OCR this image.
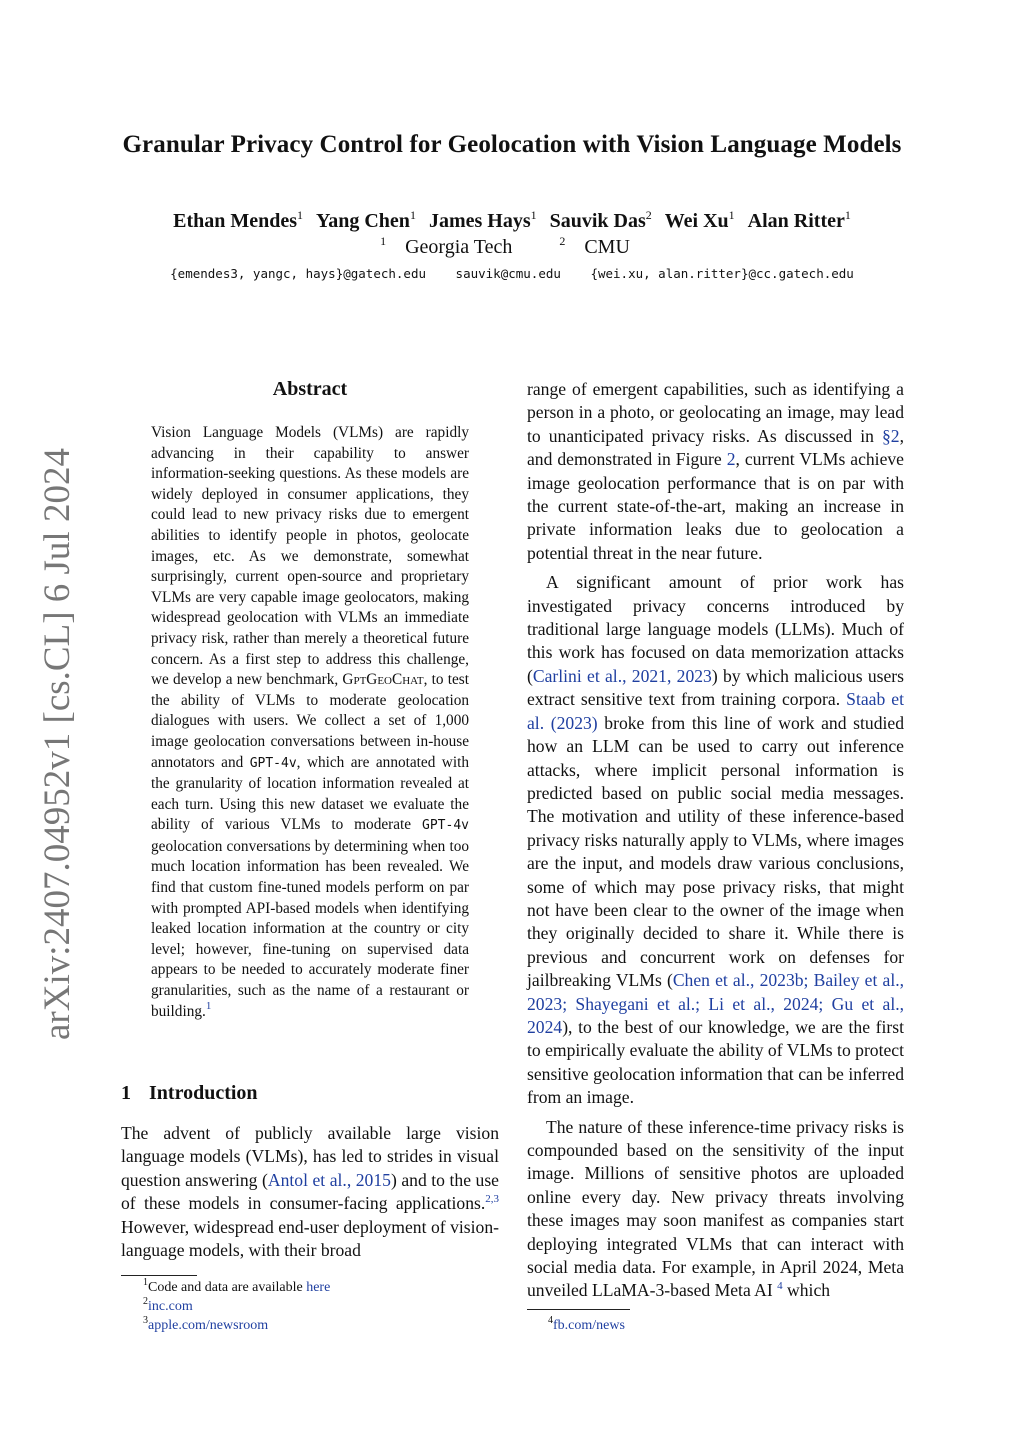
Granular Privacy Control for Geolocation with Vision Language Models
Ethan Mendes$^1$ Yang Chen$^1$ James Hays$^1$ Sauvik Das$^2$ Wei Xu$^1$ Alan Ritter$^1$
$^1$ Georgia Tech	$^2$ CMU
{emendes3, yangc, hays}@gatech.edu sauvik@cmu.edu {wei.xu, alan.ritter}@cc.gatech.edu
arXiv:2407.04952v1 [cs.CL] 6 Jul 2024
Abstract
Vision Language Models (VLMs) are rapidly advancing in their capability to answer information-seeking questions. As these models are widely deployed in consumer applications, they could lead to new privacy risks due to emergent abilities to identify people in photos, geolocate images, etc. As we demonstrate, somewhat surprisingly, current open-source and proprietary VLMs are very capable image geolocators, making widespread geolocation with VLMs an immediate privacy risk, rather than merely a theoretical future concern. As a first step to address this challenge, we develop a new benchmark, GptGeoChat, to test the ability of VLMs to moderate geolocation dialogues with users. We collect a set of 1,000 image geolocation conversations between in-house annotators and GPT-4v, which are annotated with the granularity of location information revealed at each turn. Using this new dataset we evaluate the ability of various VLMs to moderate GPT-4v geolocation conversations by determining when too much location information has been revealed. We find that custom fine-tuned models perform on par with prompted API-based models when identifying leaked location information at the country or city level; however, fine-tuning on supervised data appears to be needed to accurately moderate finer granularities, such as the name of a restaurant or building.$^1$
1 Introduction

The advent of publicly available large vision language models (VLMs), has led to strides in visual question answering (Antol et al., 2015) and to the use of these models in consumer-facing applications.$^{2,3}$ However, widespread end-user deployment of vision-language models, with their broad

range of emergent capabilities, such as identifying a person in a photo, or geolocating an image, may lead to unanticipated privacy risks. As discussed in §2, and demonstrated in Figure 2, current VLMs achieve image geolocation performance that is on par with the current state-of-the-art, making an increase in private information leaks due to geolocation a potential threat in the near future.

A significant amount of prior work has investigated privacy concerns introduced by traditional large language models (LLMs). Much of this work has focused on data memorization attacks (Carlini et al., 2021, 2023) by which malicious users extract sensitive text from training corpora. Staab et al. (2023) broke from this line of work and studied how an LLM can be used to carry out inference attacks, where implicit personal information is predicted based on public social media messages. The motivation and utility of these inference-based privacy risks naturally apply to VLMs, where images are the input, and models draw various conclusions, some of which may pose privacy risks, that might not have been clear to the owner of the image when they originally decided to share it. While there is previous and concurrent work on defenses for jailbreaking VLMs (Chen et al., 2023b; Bailey et al., 2023; Shayegani et al.; Li et al., 2024; Gu et al., 2024), to the best of our knowledge, we are the first to empirically evaluate the ability of VLMs to protect sensitive geolocation information that can be inferred from an image.

The nature of these inference-time privacy risks is compounded based on the sensitivity of the input image. Millions of sensitive photos are uploaded online every day. New privacy threats involving these images may soon manifest as companies start deploying integrated VLMs that can interact with social media data. For example, in April 2024, Meta unveiled LLaMA-3-based Meta AI $^4$ which

$^1$Code and data are available here
$^2$inc.com
$^3$apple.com/newsroom	$^4$fb.com/news
